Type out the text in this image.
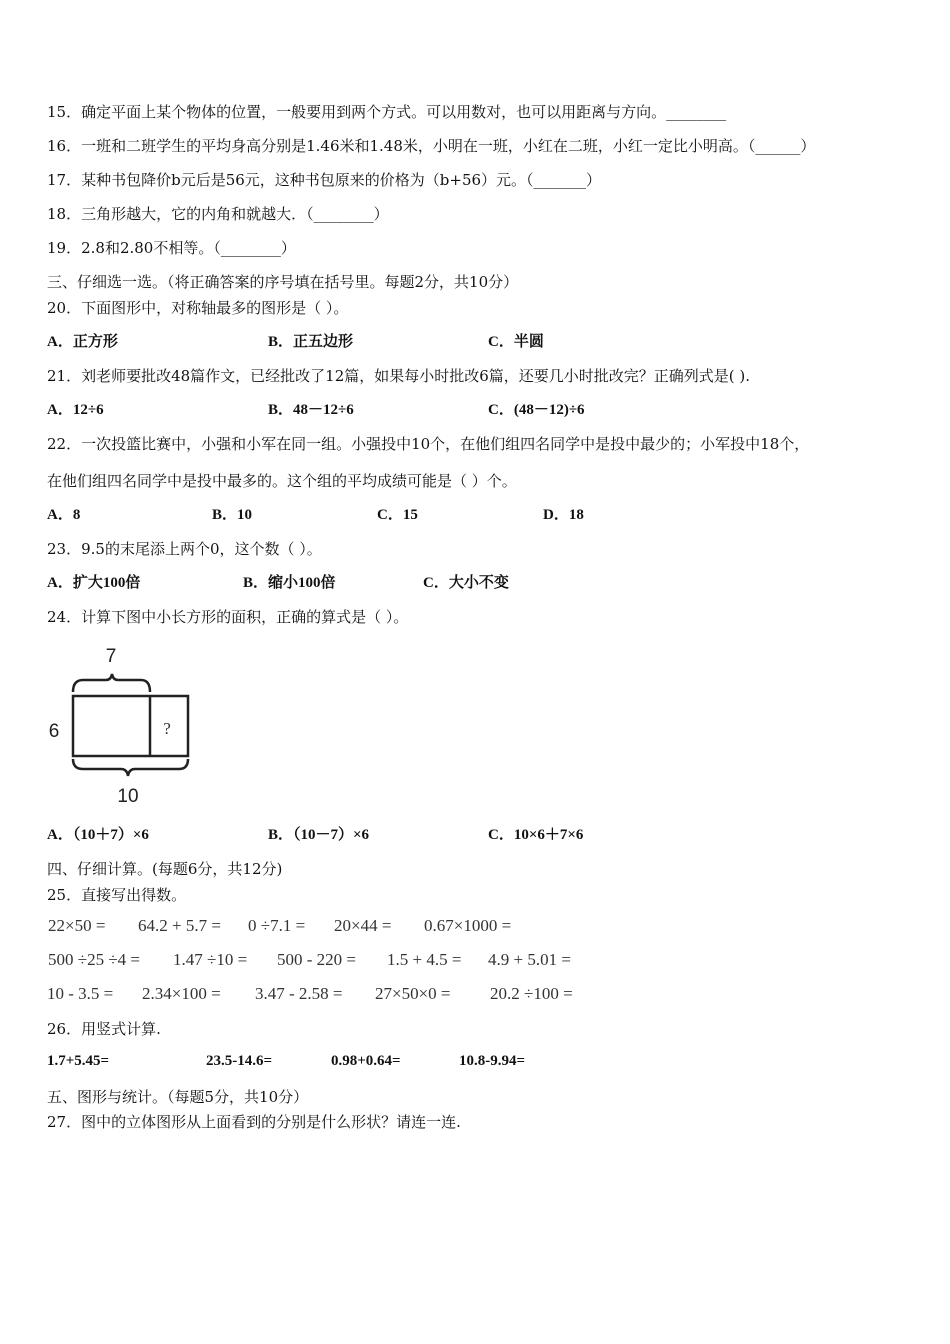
15．确定平面上某个物体的位置，一般要用到两个方式。可以用数对，也可以用距离与方向。________
16．一班和二班学生的平均身高分别是1.46米和1.48米，小明在一班，小红在二班，小红一定比小明高。（______）
17．某种书包降价b元后是56元，这种书包原来的价格为（b+56）元。（_______）
18．三角形越大，它的内角和就越大．（________）
19．2.8和2.80不相等。（________）
三、仔细选一选。（将正确答案的序号填在括号里。每题2分，共10分）
20．下面图形中，对称轴最多的图形是（ ）。
A．正方形	B．正五边形	C．半圆
21．刘老师要批改48篇作文，已经批改了12篇，如果每小时批改6篇，还要几小时批改完？正确列式是( ).
A．12÷6	B．48－12÷6	C．(48－12)÷6
22．一次投篮比赛中，小强和小军在同一组。小强投中10个，在他们组四名同学中是投中最少的；小军投中18个，
在他们组四名同学中是投中最多的。这个组的平均成绩可能是（ ）个。
A．8	B．10	C．15	D．18
23．9.5的末尾添上两个0，这个数（ ）。
A．扩大100倍	B．缩小100倍	C．大小不变
24．计算下图中小长方形的面积，正确的算式是（ ）。
7
?
6
10
A．（10＋7）×6	B．（10－7）×6	C．10×6＋7×6
四、仔细计算。(每题6分，共12分)
25．直接写出得数。
22×50 = 64.2 + 5.7 = 0 ÷7.1 = 20×44 = 0.67×1000 =
500 ÷25 ÷4 = 1.47 ÷10 = 500 - 220 = 1.5 + 4.5 = 4.9 + 5.01 =
10 - 3.5 = 2.34×100 = 3.47 - 2.58 = 27×50×0 = 20.2 ÷100 =
26．用竖式计算.
1.7+5.45=	23.5-14.6=	0.98+0.64=	10.8-9.94=
五、图形与统计。（每题5分，共10分）
27．图中的立体图形从上面看到的分别是什么形状？请连一连.
